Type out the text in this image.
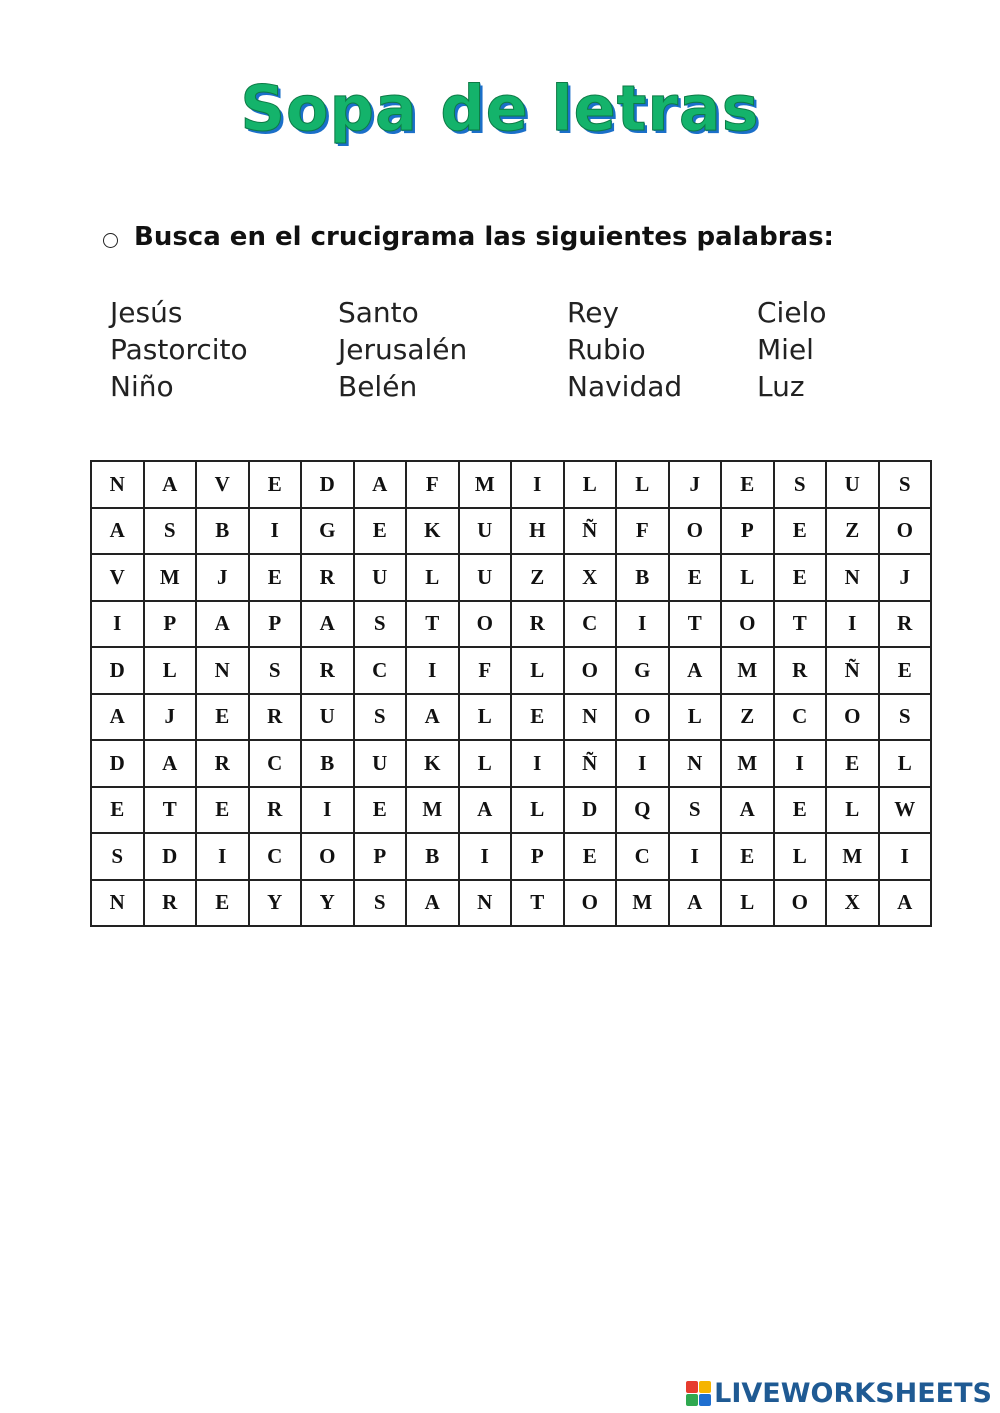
Sopa de letras
Busca en el crucigrama las siguientes palabras:
Jesús
Pastorcito
Niño
Santo
Jerusalén
Belén
Rey
Rubio
Navidad
Cielo
Miel
Luz
N	A	V	E	D	A	F	M	I	L	L	J	E	S	U	S
A	S	B	I	G	E	K	U	H	Ñ	F	O	P	E	Z	O
V	M	J	E	R	U	L	U	Z	X	B	E	L	E	N	J
I	P	A	P	A	S	T	O	R	C	I	T	O	T	I	R
D	L	N	S	R	C	I	F	L	O	G	A	M	R	Ñ	E
A	J	E	R	U	S	A	L	E	N	O	L	Z	C	O	S
D	A	R	C	B	U	K	L	I	Ñ	I	N	M	I	E	L
E	T	E	R	I	E	M	A	L	D	Q	S	A	E	L	W
S	D	I	C	O	P	B	I	P	E	C	I	E	L	M	I
N	R	E	Y	Y	S	A	N	T	O	M	A	L	O	X	A
LIVEWORKSHEETS
